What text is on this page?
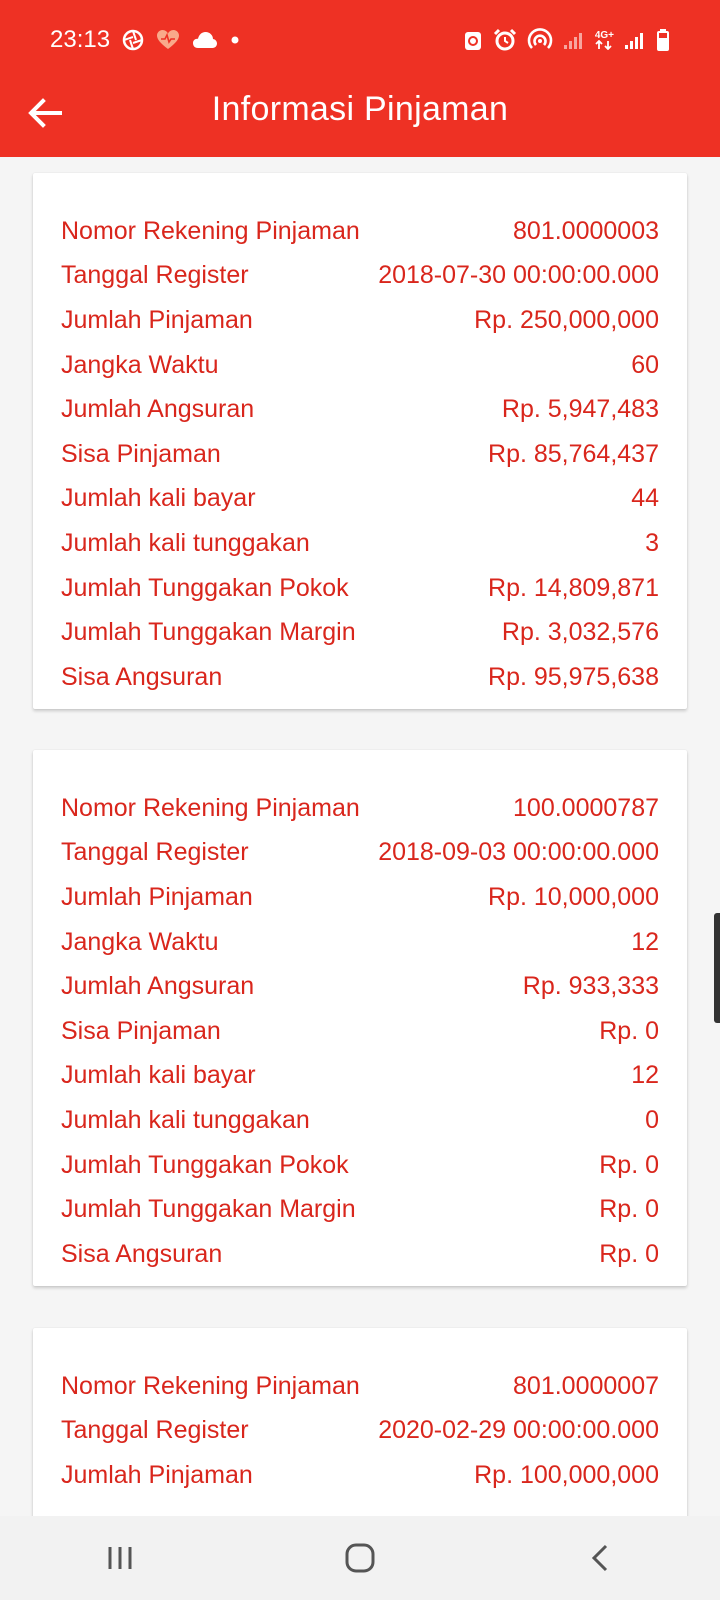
23:13	4G+
Informasi Pinjaman
Nomor Rekening Pinjaman	801.0000003
Tanggal Register	2018-07-30 00:00:00.000
Jumlah Pinjaman	Rp. 250,000,000
Jangka Waktu	60
Jumlah Angsuran	Rp. 5,947,483
Sisa Pinjaman	Rp. 85,764,437
Jumlah kali bayar	44
Jumlah kali tunggakan	3
Jumlah Tunggakan Pokok	Rp. 14,809,871
Jumlah Tunggakan Margin	Rp. 3,032,576
Sisa Angsuran	Rp. 95,975,638
Nomor Rekening Pinjaman	100.0000787
Tanggal Register	2018-09-03 00:00:00.000
Jumlah Pinjaman	Rp. 10,000,000
Jangka Waktu	12
Jumlah Angsuran	Rp. 933,333
Sisa Pinjaman	Rp. 0
Jumlah kali bayar	12
Jumlah kali tunggakan	0
Jumlah Tunggakan Pokok	Rp. 0
Jumlah Tunggakan Margin	Rp. 0
Sisa Angsuran	Rp. 0
Nomor Rekening Pinjaman	801.0000007
Tanggal Register	2020-02-29 00:00:00.000
Jumlah Pinjaman	Rp. 100,000,000
